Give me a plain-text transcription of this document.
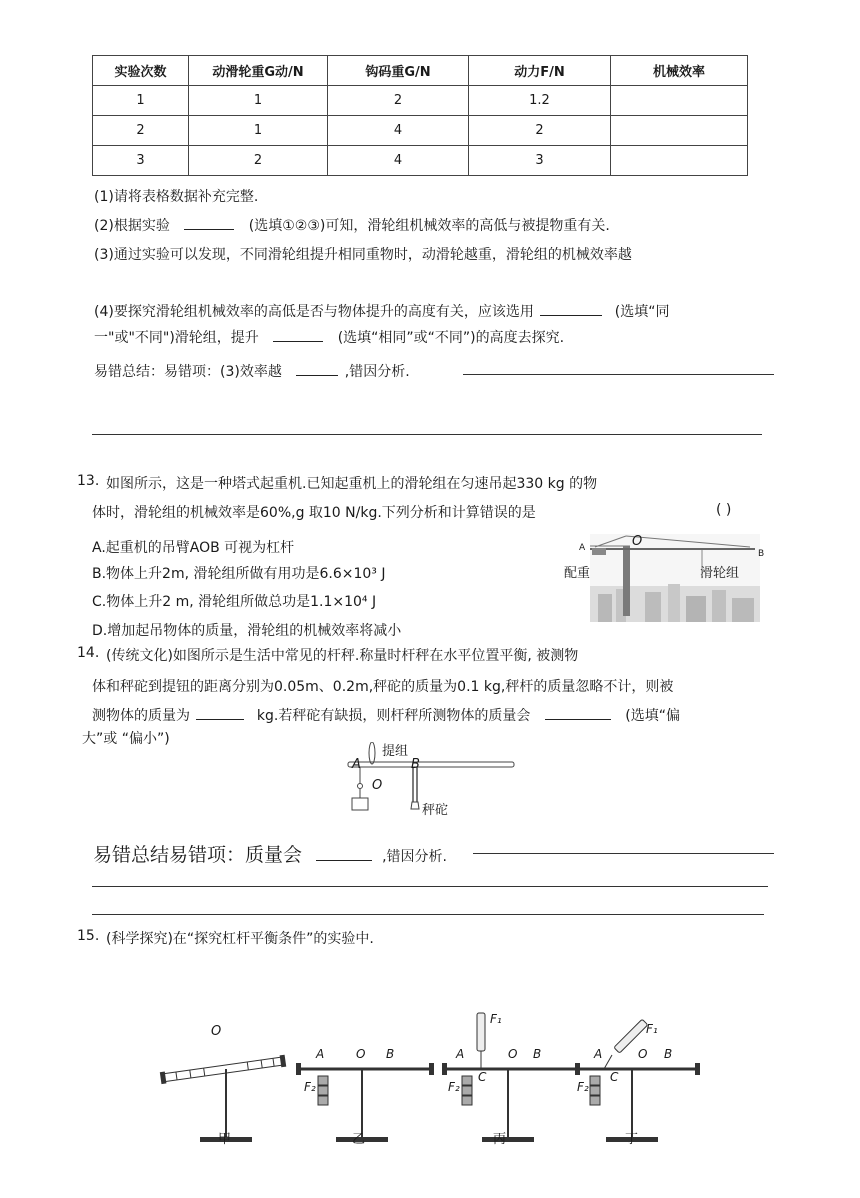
实验次数	动滑轮重G动/N	钩码重G/N	动力F/N	机械效率
1	1	2	1.2	
2	1	4	2	
3	2	4	3	
(1)请将表格数据补充完整.
(2)根据实验	(选填①②③)可知，滑轮组机械效率的高低与被提物重有关.
(3)通过实验可以发现，不同滑轮组提升相同重物时，动滑轮越重，滑轮组的机械效率越
(4)要探究滑轮组机械效率的高低是否与物体提升的高度有关，应该选用	(选填“同
一"或"不同")滑轮组，提升	(选填“相同”或“不同”)的高度去探究.
易错总结：易错项：(3)效率越	,错因分析.
13. 如图所示，这是一种塔式起重机.已知起重机上的滑轮组在匀速吊起330 kg 的物
体时，滑轮组的机械效率是60%,g 取10 N/kg.下列分析和计算错误的是	( )
A.起重机的吊臂AOB 可视为杠杆
B.物体上升2m, 滑轮组所做有用功是6.6×10³ J
C.物体上升2 m, 滑轮组所做总功是1.1×10⁴ J
D.增加起吊物体的质量，滑轮组的机械效率将减小
配重
A	O
B
滑轮组
14. (传统文化)如图所示是生活中常见的杆秤.称量时杆秤在水平位置平衡, 被测物
体和秤砣到提钮的距离分别为0.05m、0.2m,秤砣的质量为0.1 kg,秤杆的质量忽略不计，则被
测物体的质量为	kg.若秤砣有缺损，则杆秤所测物体的质量会	(选填“偏
大”或 “偏小”)
提组
A	B
O
秤砣
易错总结易错项：质量会	,错因分析.
15. (科学探究)在“探究杠杆平衡条件”的实验中.
O
A	O B
F₂
A
F₁
C
O B
F₂
A
F₁
C
O B
F₂
甲	乙	丙	丁
